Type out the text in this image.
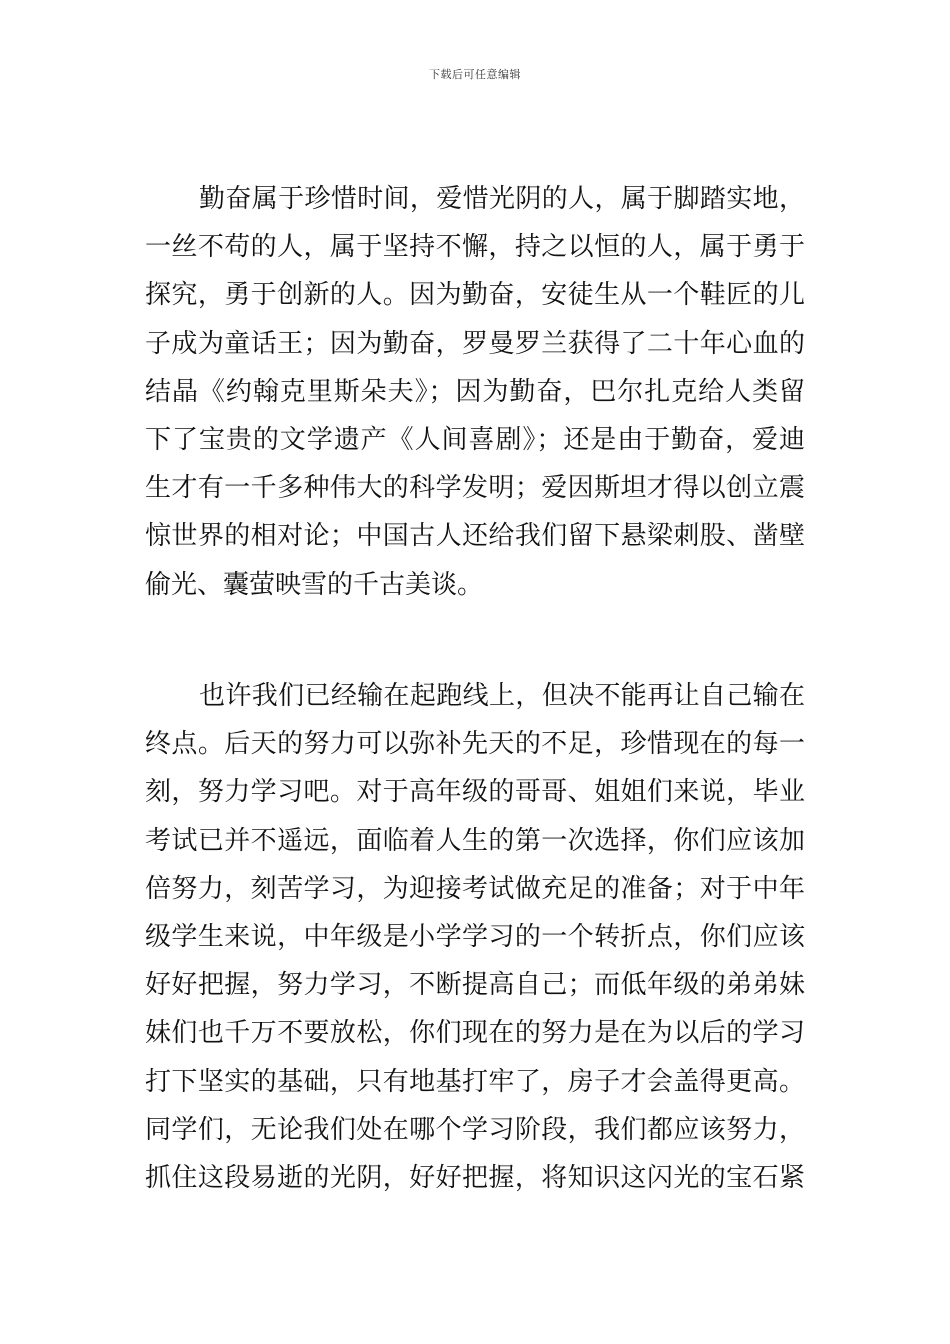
下载后可任意编辑
勤奋属于珍惜时间，爱惜光阴的人，属于脚踏实地，
一丝不苟的人，属于坚持不懈，持之以恒的人，属于勇于
探究，勇于创新的人。因为勤奋，安徒生从一个鞋匠的儿
子成为童话王；因为勤奋，罗曼罗兰获得了二十年心血的
结晶《约翰克里斯朵夫》；因为勤奋，巴尔扎克给人类留
下了宝贵的文学遗产《人间喜剧》；还是由于勤奋，爱迪
生才有一千多种伟大的科学发明；爱因斯坦才得以创立震
惊世界的相对论；中国古人还给我们留下悬梁刺股、凿壁
偷光、囊萤映雪的千古美谈。
也许我们已经输在起跑线上，但决不能再让自己输在
终点。后天的努力可以弥补先天的不足，珍惜现在的每一
刻，努力学习吧。对于高年级的哥哥、姐姐们来说，毕业
考试已并不遥远，面临着人生的第一次选择，你们应该加
倍努力，刻苦学习，为迎接考试做充足的准备；对于中年
级学生来说，中年级是小学学习的一个转折点，你们应该
好好把握，努力学习，不断提高自己；而低年级的弟弟妹
妹们也千万不要放松，你们现在的努力是在为以后的学习
打下坚实的基础，只有地基打牢了，房子才会盖得更高。
同学们，无论我们处在哪个学习阶段，我们都应该努力，
抓住这段易逝的光阴，好好把握，将知识这闪光的宝石紧
